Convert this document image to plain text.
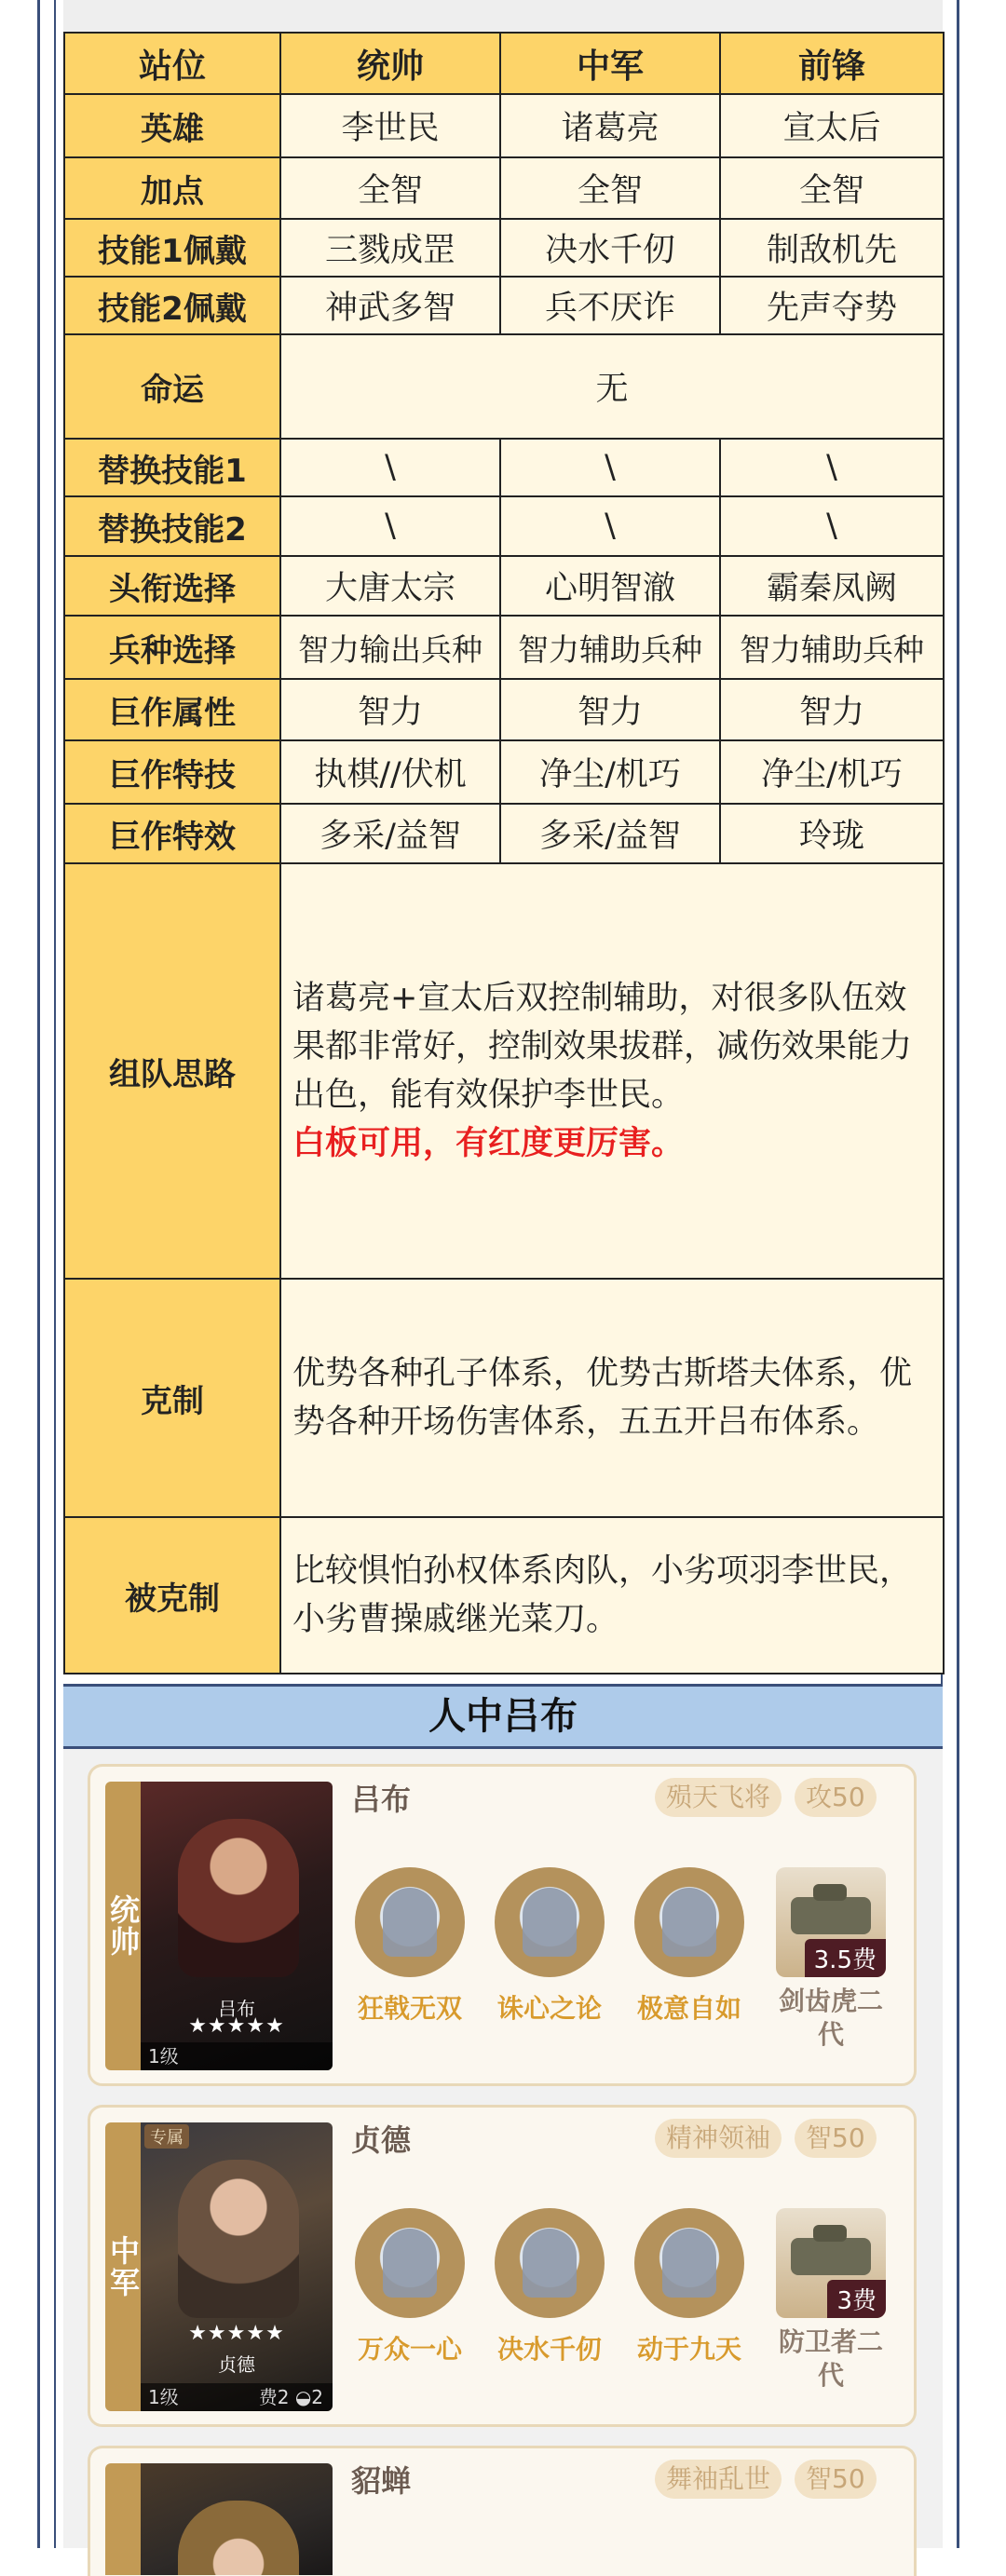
站位	统帅	中军	前锋
英雄	李世民	诸葛亮	宣太后
加点	全智	全智	全智
技能1佩戴	三戮成罡	决水千仞	制敌机先
技能2佩戴	神武多智	兵不厌诈	先声夺势
命运	无		
替换技能1	\	\	\
替换技能2	\	\	\
头衔选择	大唐太宗	心明智澈	霸秦凤阙
兵种选择	智力输出兵种	智力辅助兵种	智力辅助兵种
巨作属性	智力	智力	智力
巨作特技	执棋//伏机	净尘/机巧	净尘/机巧
巨作特效	多采/益智	多采/益智	玲珑
组队思路	诸葛亮+宣太后双控制辅助，对很多队伍效果都非常好，控制效果拔群，减伤效果能力出色，能有效保护李世民。
白板可用，有红度更厉害。		

克制	优势各种孔子体系，优势古斯塔夫体系，优势各种开场伤害体系，五五开吕布体系。		
被克制	比较惧怕孙权体系肉队，小劣项羽李世民，小劣曹操戚继光菜刀。		
人中吕布
统帅
吕布
★★★★★
1级
吕布	殒天飞将	攻50
狂戟无双 诛心之论 极意自如
3.5费
剑齿虎二代
中军
专属
★★★★★
贞德
1级	费2 ◒2
贞德	精神领袖	智50
万众一心 决水千仞 动于九天
3费
防卫者二代
貂蝉	舞袖乱世	智50
